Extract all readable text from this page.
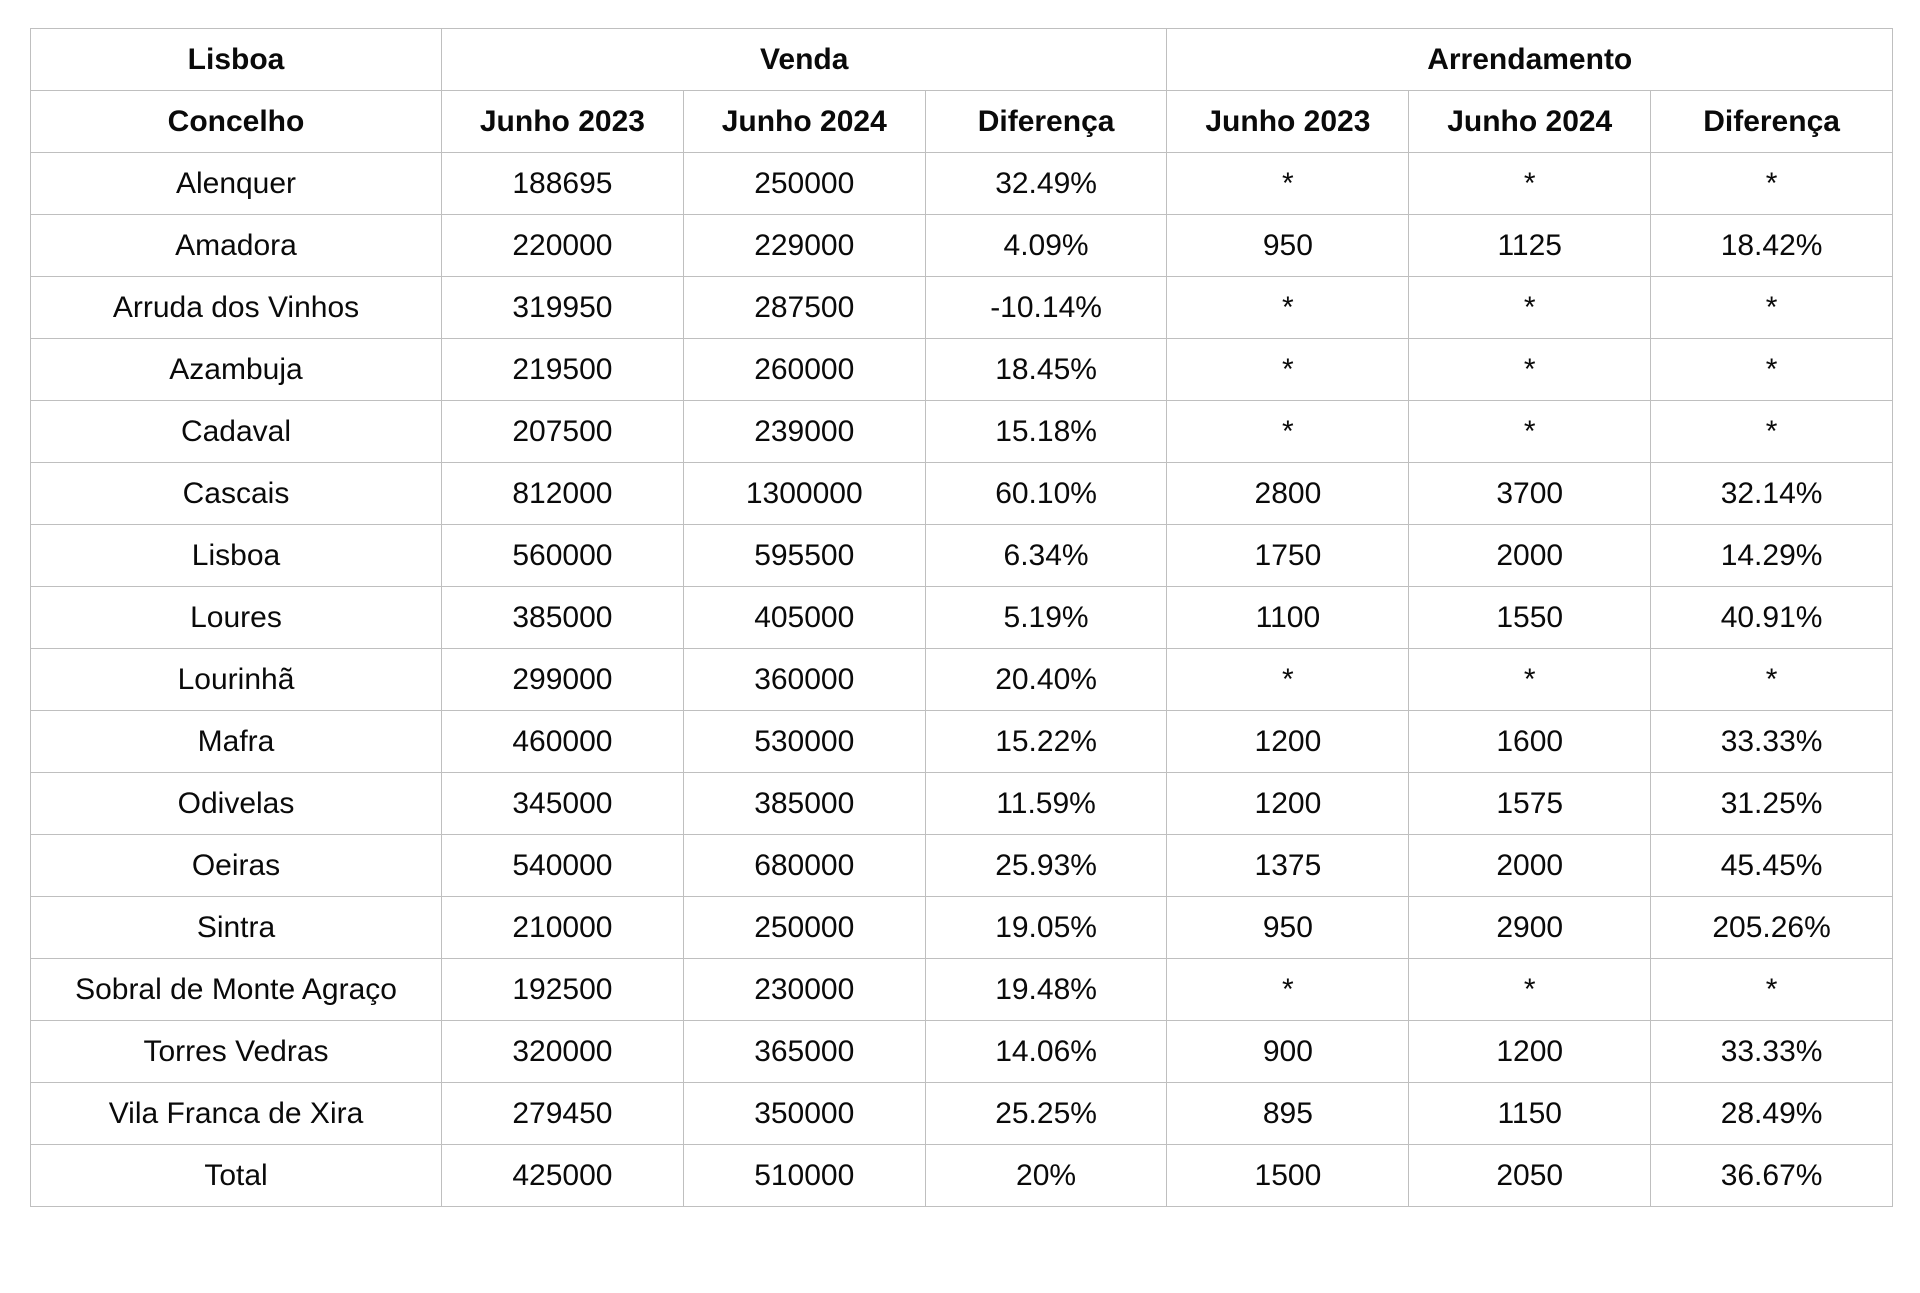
Lisboa	Venda			Arrendamento		
Concelho	Junho 2023	Junho 2024	Diferença	Junho 2023	Junho 2024	Diferença
Alenquer	188695	250000	32.49%	*	*	*
Amadora	220000	229000	4.09%	950	1125	18.42%
Arruda dos Vinhos	319950	287500	-10.14%	*	*	*
Azambuja	219500	260000	18.45%	*	*	*
Cadaval	207500	239000	15.18%	*	*	*
Cascais	812000	1300000	60.10%	2800	3700	32.14%
Lisboa	560000	595500	6.34%	1750	2000	14.29%
Loures	385000	405000	5.19%	1100	1550	40.91%
Lourinhã	299000	360000	20.40%	*	*	*
Mafra	460000	530000	15.22%	1200	1600	33.33%
Odivelas	345000	385000	11.59%	1200	1575	31.25%
Oeiras	540000	680000	25.93%	1375	2000	45.45%
Sintra	210000	250000	19.05%	950	2900	205.26%
Sobral de Monte Agraço	192500	230000	19.48%	*	*	*
Torres Vedras	320000	365000	14.06%	900	1200	33.33%
Vila Franca de Xira	279450	350000	25.25%	895	1150	28.49%
Total	425000	510000	20%	1500	2050	36.67%
